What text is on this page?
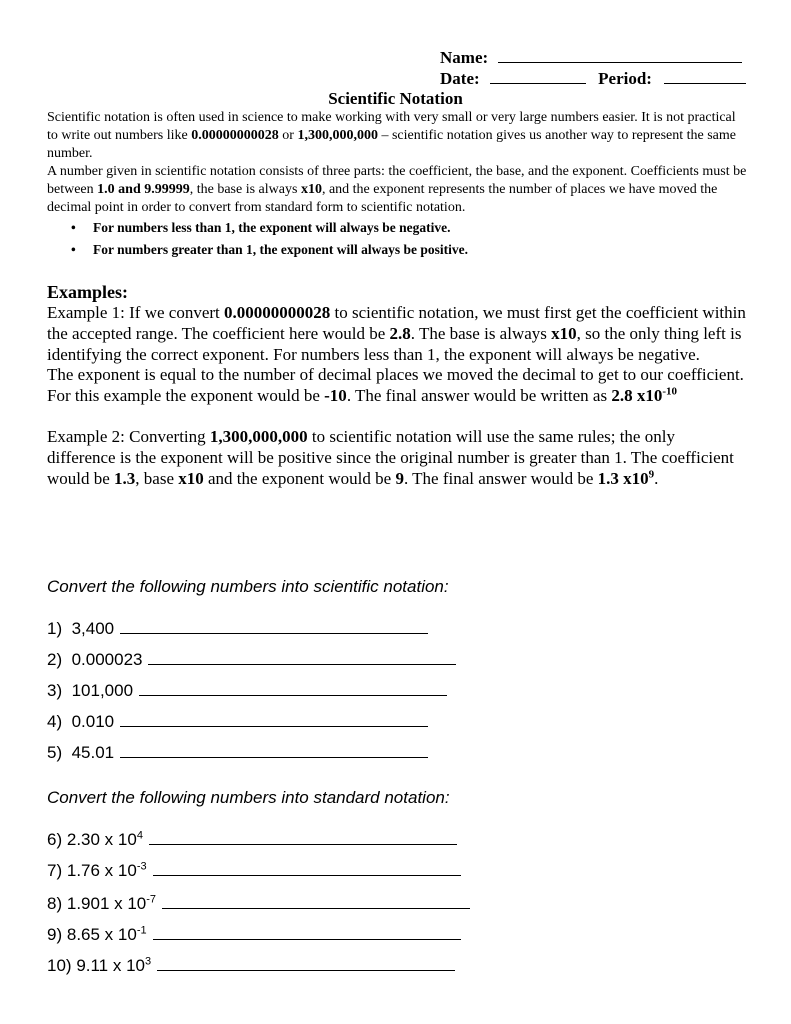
Name:
Date:	Period:
Scientific Notation

Scientific notation is often used in science to make working with very small or very large numbers easier. It is not practical to write out numbers like 0.00000000028 or 1,300,000,000 – scientific notation gives us another way to represent the same number.

A number given in scientific notation consists of three parts: the coefficient, the base, and the exponent. Coefficients must be between 1.0 and 9.99999, the base is always x10, and the exponent represents the number of places we have moved the decimal point in order to convert from standard form to scientific notation.

• For numbers less than 1, the exponent will always be negative.
• For numbers greater than 1, the exponent will always be positive.
Examples:

Example 1: If we convert 0.00000000028 to scientific notation, we must first get the coefficient within the accepted range. The coefficient here would be 2.8. The base is always x10, so the only thing left is identifying the correct exponent. For numbers less than 1, the exponent will always be negative.

The exponent is equal to the number of decimal places we moved the decimal to get to our coefficient. For this example the exponent would be -10. The final answer would be written as 2.8 $x10^{-10}$

Example 2: Converting 1,300,000,000 to scientific notation will use the same rules; the only difference is the exponent will be positive since the original number is greater than 1. The coefficient would be 1.3, base x10 and the exponent would be 9. The final answer would be 1.3 $x10^9$.

Convert the following numbers into scientific notation:
1) 3,400
2) 0.000023
3) 101,000
4) 0.010
5) 45.01
Convert the following numbers into standard notation:
6) 2.30 x $10^4$
7) 1.76 x $10^{-3}$
8) 1.901 x $10^{-7}$
9) 8.65 x $10^{-1}$
10) 9.11 x $10^3$
